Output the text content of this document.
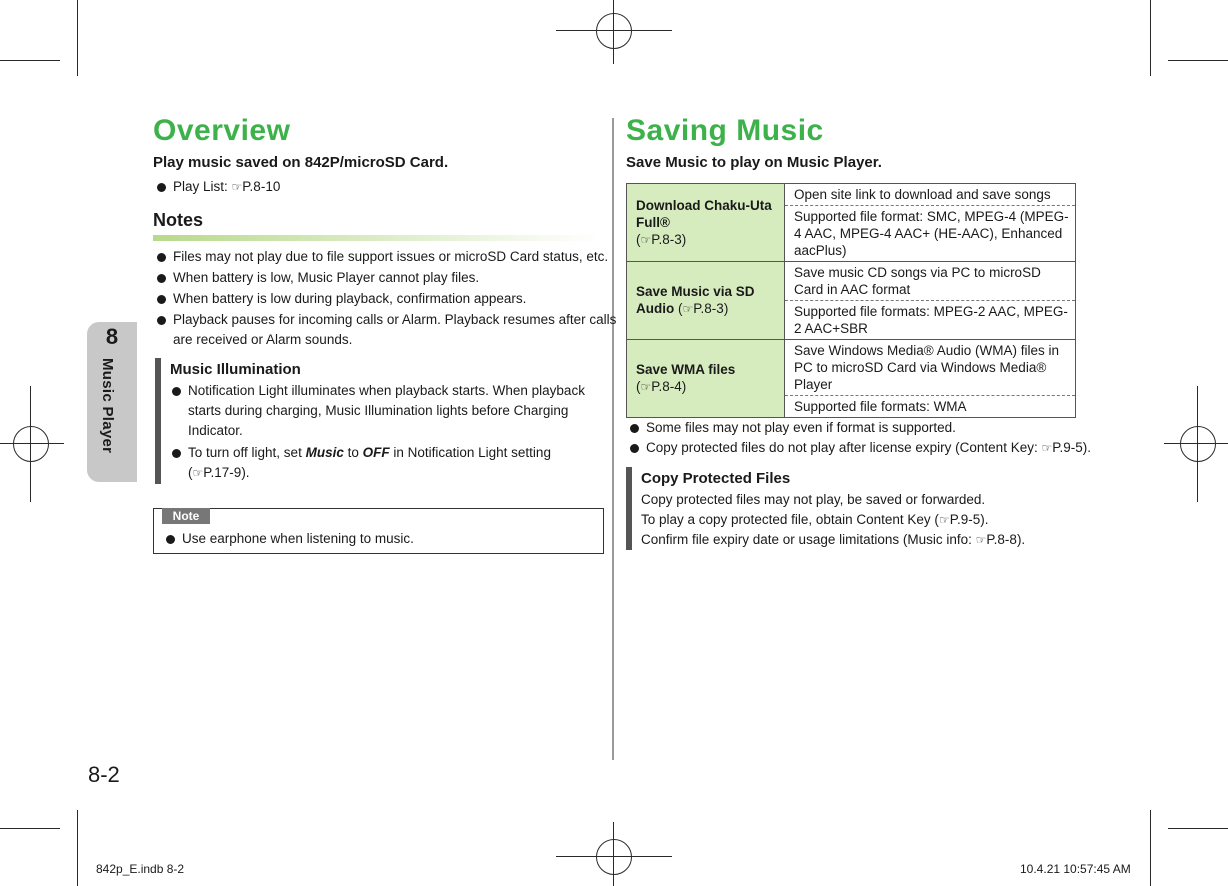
8
Music Player
8-2
Overview
Play music saved on 842P/microSD Card.
Play List: ☞P.8-10
Notes
Files may not play due to file support issues or microSD Card status, etc.
When battery is low, Music Player cannot play files.
When battery is low during playback, confirmation appears.
Playback pauses for incoming calls or Alarm. Playback resumes after calls are received or Alarm sounds.
Music Illumination
Notification Light illuminates when playback starts. When playback starts during charging, Music Illumination lights before Charging Indicator.
To turn off light, set Music to OFF in Notification Light setting
(☞P.17-9).
Note
Use earphone when listening to music.
Saving Music
Save Music to play on Music Player.
Download Chaku-Uta Full®
(☞P.8-3)	Open site link to download and save songs
	Supported file format: SMC, MPEG-4 (MPEG-4 AAC, MPEG-4 AAC+ (HE-AAC), Enhanced aacPlus)
Save Music via SD Audio (☞P.8-3)	Save music CD songs via PC to microSD Card in AAC format
	Supported file formats: MPEG-2 AAC, MPEG-2 AAC+SBR
Save WMA files
(☞P.8-4)	Save Windows Media® Audio (WMA) files in PC to microSD Card via Windows Media® Player
	Supported file formats: WMA
Some files may not play even if format is supported.
Copy protected files do not play after license expiry (Content Key: ☞P.9-5).
Copy Protected Files
Copy protected files may not play, be saved or forwarded.
To play a copy protected file, obtain Content Key (☞P.9-5).
Confirm file expiry date or usage limitations (Music info: ☞P.8-8).
842p_E.indb 8-2	10.4.21 10:57:45 AM
